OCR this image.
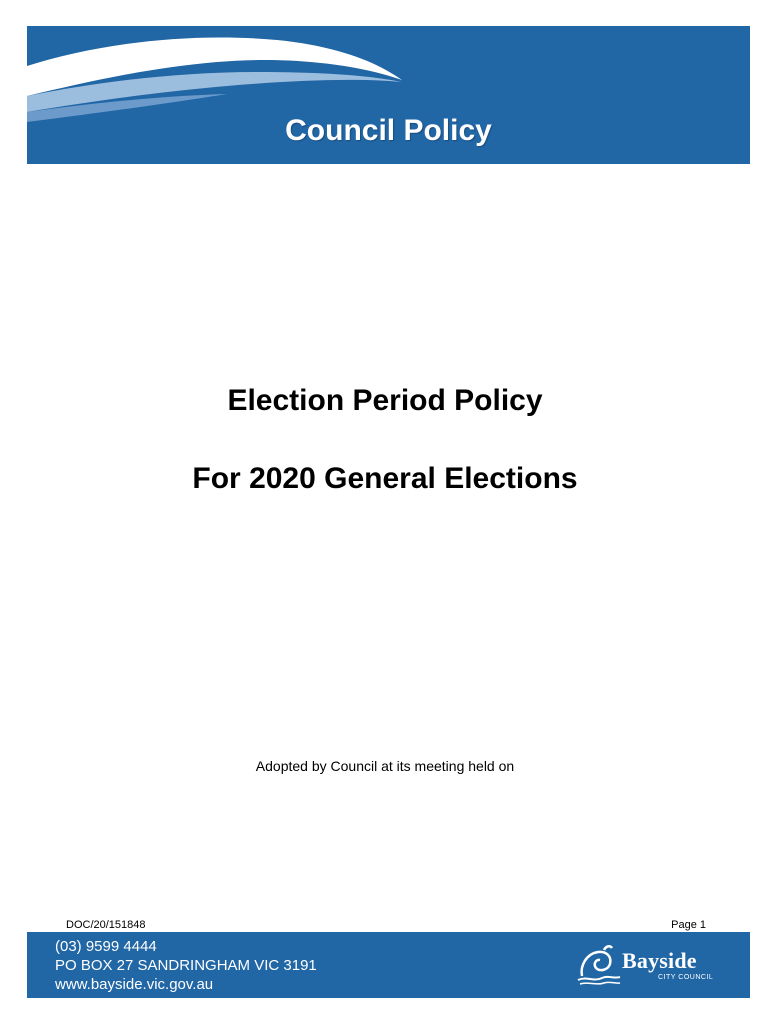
Council Policy
Election Period Policy
For 2020 General Elections
Adopted by Council at its meeting held on
DOC/20/151848	Page 1

(03) 9599 4444

PO BOX 27 SANDRINGHAM VIC 3191

www.bayside.vic.gov.au

Bayside
CITY COUNCIL
